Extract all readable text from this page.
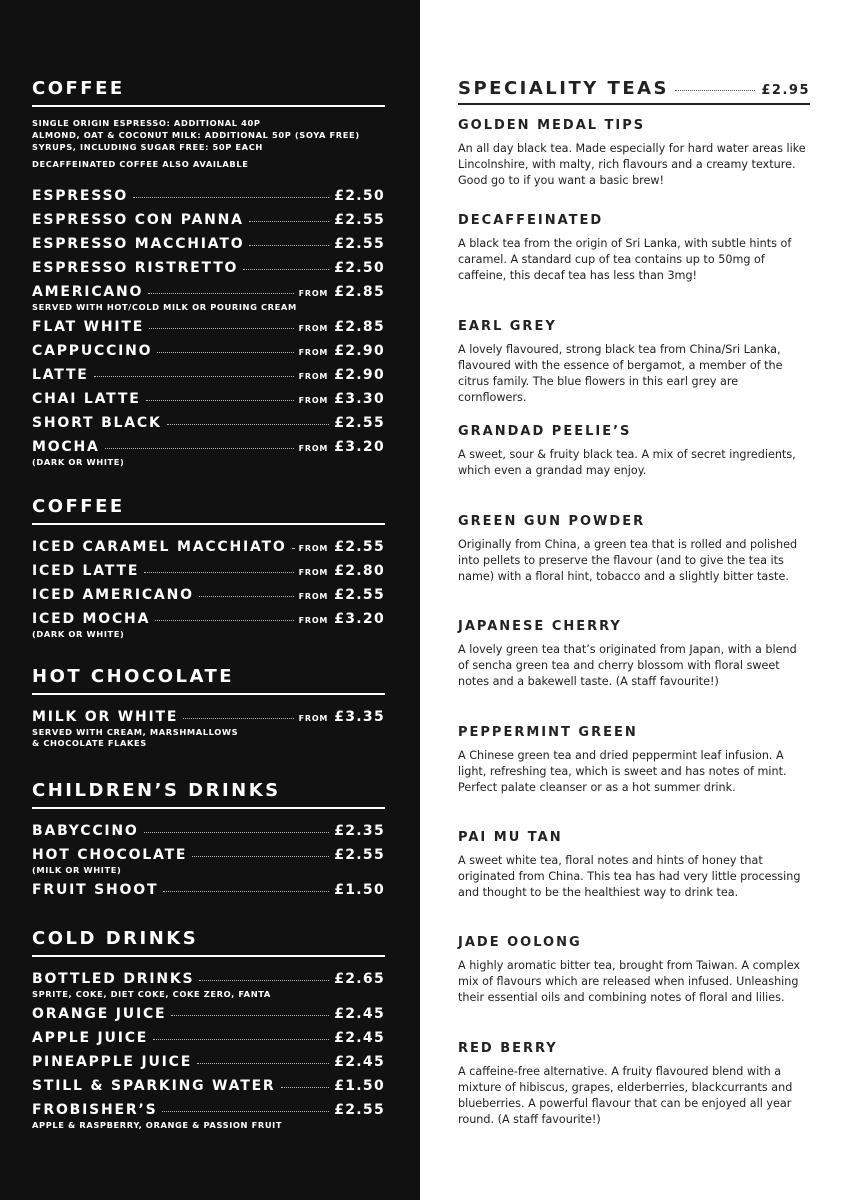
COFFEE
SINGLE ORIGIN ESPRESSO: ADDITIONAL 40P
ALMOND, OAT & COCONUT MILK: ADDITIONAL 50P (SOYA FREE)
SYRUPS, INCLUDING SUGAR FREE: 50P EACH
DECAFFEINATED COFFEE ALSO AVAILABLE
ESPRESSO	£2.50
ESPRESSO CON PANNA	£2.55
ESPRESSO MACCHIATO	£2.55
ESPRESSO RISTRETTO	£2.50
AMERICANO	FROM £2.85
SERVED WITH HOT/COLD MILK OR POURING CREAM
FLAT WHITE	FROM £2.85
CAPPUCCINO	FROM £2.90
LATTE	FROM £2.90
CHAI LATTE	FROM £3.30
SHORT BLACK	£2.55
MOCHA	FROM £3.20
(DARK OR WHITE)
COFFEE
ICED CARAMEL MACCHIATO FROM £2.55
ICED LATTE	FROM £2.80
ICED AMERICANO	FROM £2.55
ICED MOCHA	FROM £3.20
(DARK OR WHITE)
HOT CHOCOLATE
MILK OR WHITE	FROM £3.35
SERVED WITH CREAM, MARSHMALLOWS
& CHOCOLATE FLAKES
CHILDREN’S DRINKS
BABYCCINO	£2.35
HOT CHOCOLATE	£2.55
(MILK OR WHITE)
FRUIT SHOOT	£1.50
COLD DRINKS
BOTTLED DRINKS	£2.65
SPRITE, COKE, DIET COKE, COKE ZERO, FANTA
ORANGE JUICE	£2.45
APPLE JUICE	£2.45
PINEAPPLE JUICE	£2.45
STILL & SPARKING WATER	£1.50
FROBISHER’S	£2.55
APPLE & RASPBERRY, ORANGE & PASSION FRUIT
SPECIALITY TEAS	£2.95
GOLDEN MEDAL TIPS
An all day black tea. Made especially for hard water areas like Lincolnshire, with malty, rich flavours and a creamy texture. Good go to if you want a basic brew!
DECAFFEINATED
A black tea from the origin of Sri Lanka, with subtle hints of caramel. A standard cup of tea contains up to 50mg of caffeine, this decaf tea has less than 3mg!
EARL GREY
A lovely flavoured, strong black tea from China/Sri Lanka, flavoured with the essence of bergamot, a member of the citrus family. The blue flowers in this earl grey are cornflowers.
GRANDAD PEELIE’S
A sweet, sour & fruity black tea. A mix of secret ingredients, which even a grandad may enjoy.
GREEN GUN POWDER
Originally from China, a green tea that is rolled and polished into pellets to preserve the flavour (and to give the tea its name) with a floral hint, tobacco and a slightly bitter taste.
JAPANESE CHERRY
A lovely green tea that’s originated from Japan, with a blend of sencha green tea and cherry blossom with floral sweet notes and a bakewell taste. (A staff favourite!)
PEPPERMINT GREEN
A Chinese green tea and dried peppermint leaf infusion. A light, refreshing tea, which is sweet and has notes of mint. Perfect palate cleanser or as a hot summer drink.
PAI MU TAN
A sweet white tea, floral notes and hints of honey that originated from China. This tea has had very little processing and thought to be the healthiest way to drink tea.
JADE OOLONG
A highly aromatic bitter tea, brought from Taiwan. A complex mix of flavours which are released when infused. Unleashing their essential oils and combining notes of floral and lilies.
RED BERRY
A caffeine-free alternative. A fruity flavoured blend with a mixture of hibiscus, grapes, elderberries, blackcurrants and blueberries. A powerful flavour that can be enjoyed all year round. (A staff favourite!)
